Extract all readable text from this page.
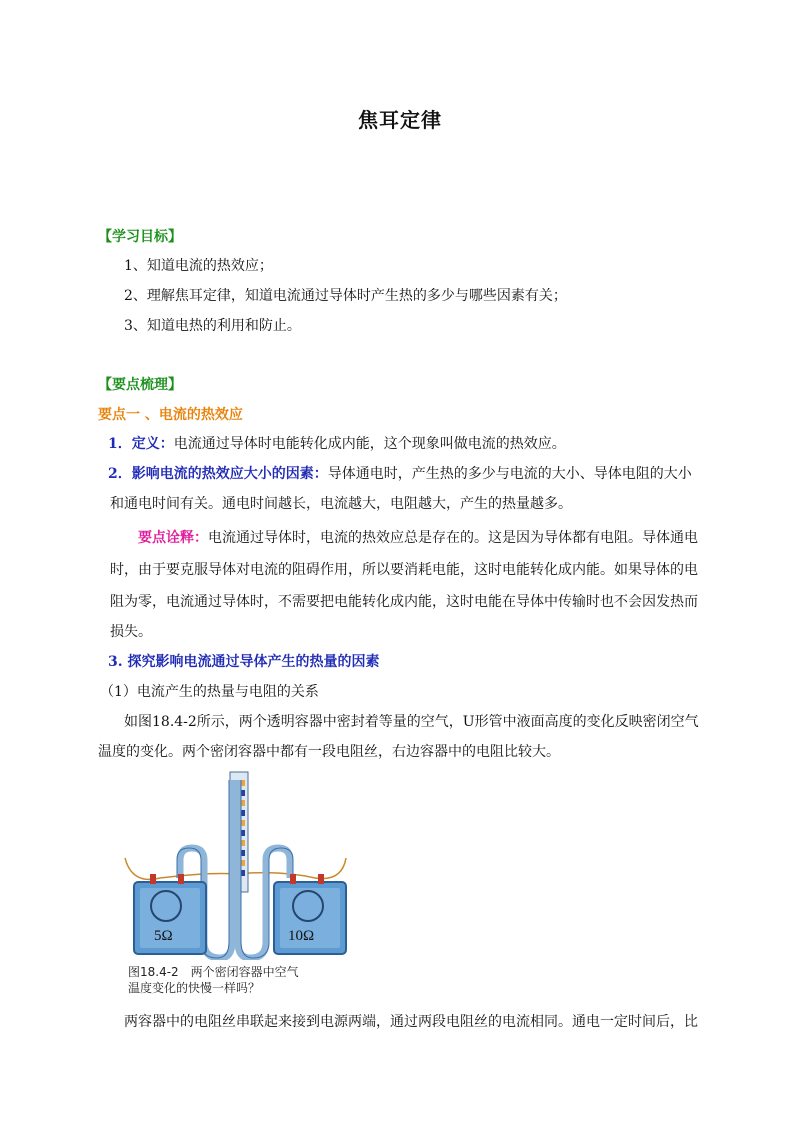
焦耳定律
【学习目标】
1、知道电流的热效应；
2、理解焦耳定律，知道电流通过导体时产生热的多少与哪些因素有关；
3、知道电热的利用和防止。
【要点梳理】
要点一 、电流的热效应
1．定义：电流通过导体时电能转化成内能，这个现象叫做电流的热效应。
2．影响电流的热效应大小的因素：导体通电时，产生热的多少与电流的大小、导体电阻的大小
和通电时间有关。通电时间越长，电流越大，电阻越大，产生的热量越多。
要点诠释：电流通过导体时，电流的热效应总是存在的。这是因为导体都有电阻。导体通电
时，由于要克服导体对电流的阻碍作用，所以要消耗电能，这时电能转化成内能。如果导体的电
阻为零，电流通过导体时，不需要把电能转化成内能，这时电能在导体中传输时也不会因发热而
损失。
3. 探究影响电流通过导体产生的热量的因素
（1）电流产生的热量与电阻的关系
如图18.4-2所示，两个透明容器中密封着等量的空气，U形管中液面高度的变化反映密闭空气
温度的变化。两个密闭容器中都有一段电阻丝，右边容器中的电阻比较大。
5Ω	10Ω
图18.4-2　两个密闭容器中空气
温度变化的快慢一样吗？
两容器中的电阻丝串联起来接到电源两端，通过两段电阻丝的电流相同。通电一定时间后，比
